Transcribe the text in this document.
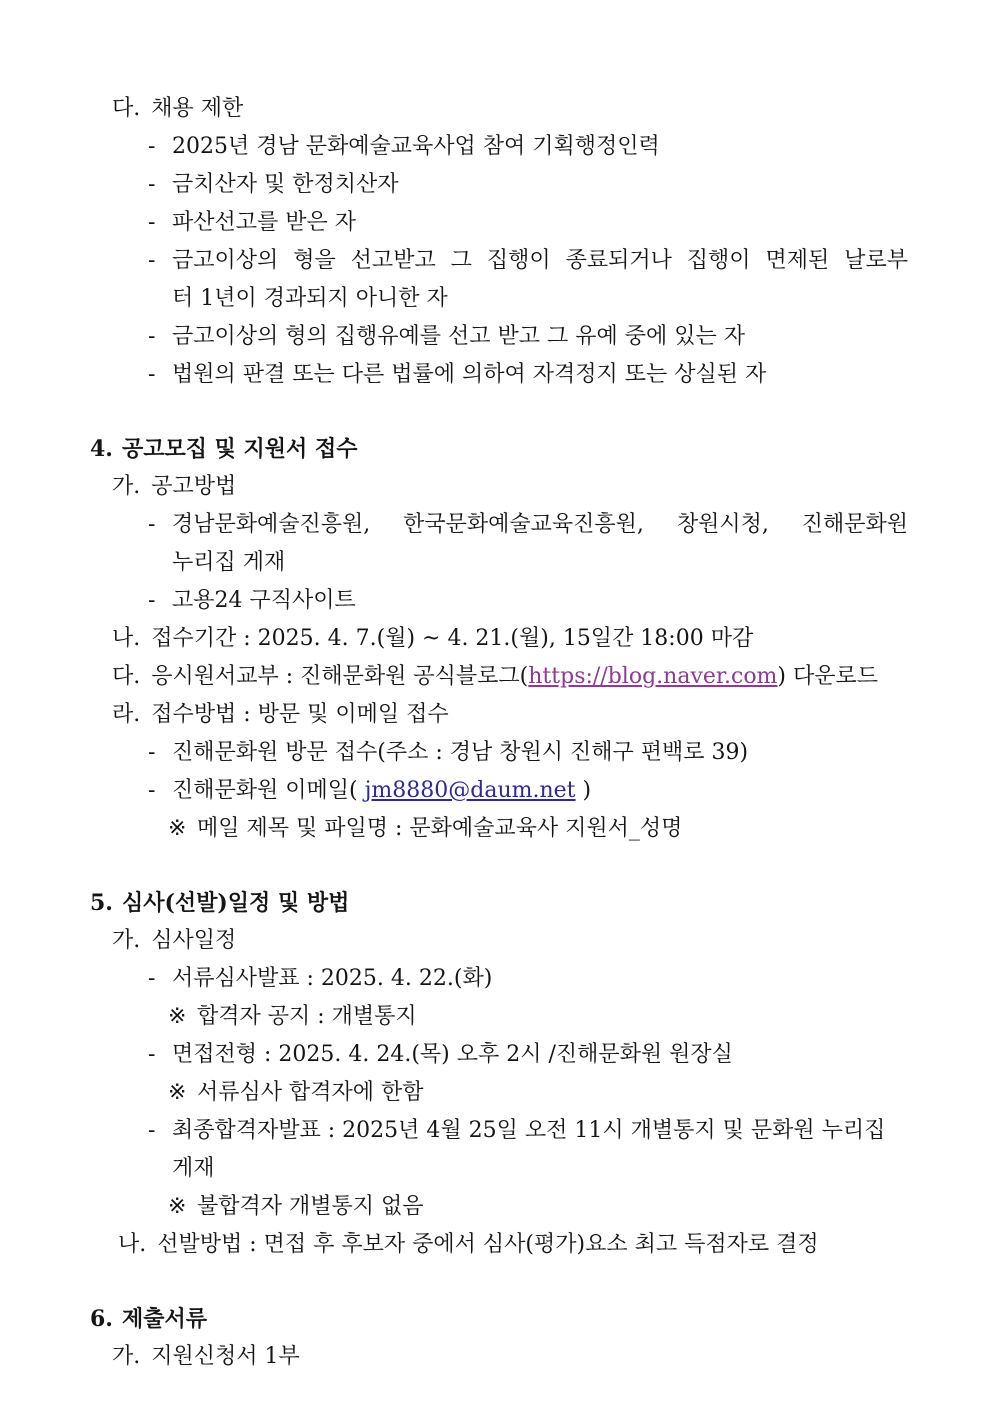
다. 채용 제한
- 2025년 경남 문화예술교육사업 참여 기획행정인력
- 금치산자 및 한정치산자
- 파산선고를 받은 자
- 금고이상의 형을 선고받고 그 집행이 종료되거나 집행이 면제된 날로부
터 1년이 경과되지 아니한 자
- 금고이상의 형의 집행유예를 선고 받고 그 유예 중에 있는 자
- 법원의 판결 또는 다른 법률에 의하여 자격정지 또는 상실된 자
4. 공고모집 및 지원서 접수
가. 공고방법
- 경남문화예술진흥원, 한국문화예술교육진흥원, 창원시청, 진해문화원
누리집 게재
- 고용24 구직사이트
나. 접수기간 : 2025. 4. 7.(월) ~ 4. 21.(월), 15일간 18:00 마감
다. 응시원서교부 : 진해문화원 공식블로그(https://blog.naver.com) 다운로드
라. 접수방법 : 방문 및 이메일 접수
- 진해문화원 방문 접수(주소 : 경남 창원시 진해구 편백로 39)
- 진해문화원 이메일( jm8880@daum.net )
※ 메일 제목 및 파일명 : 문화예술교육사 지원서_성명
5. 심사(선발)일정 및 방법
가. 심사일정
- 서류심사발표 : 2025. 4. 22.(화)
※ 합격자 공지 : 개별통지
- 면접전형 : 2025. 4. 24.(목) 오후 2시 /진해문화원 원장실
※ 서류심사 합격자에 한함
- 최종합격자발표 : 2025년 4월 25일 오전 11시 개별통지 및 문화원 누리집 게재
※ 불합격자 개별통지 없음
나. 선발방법 : 면접 후 후보자 중에서 심사(평가)요소 최고 득점자로 결정
6. 제출서류
가. 지원신청서 1부
